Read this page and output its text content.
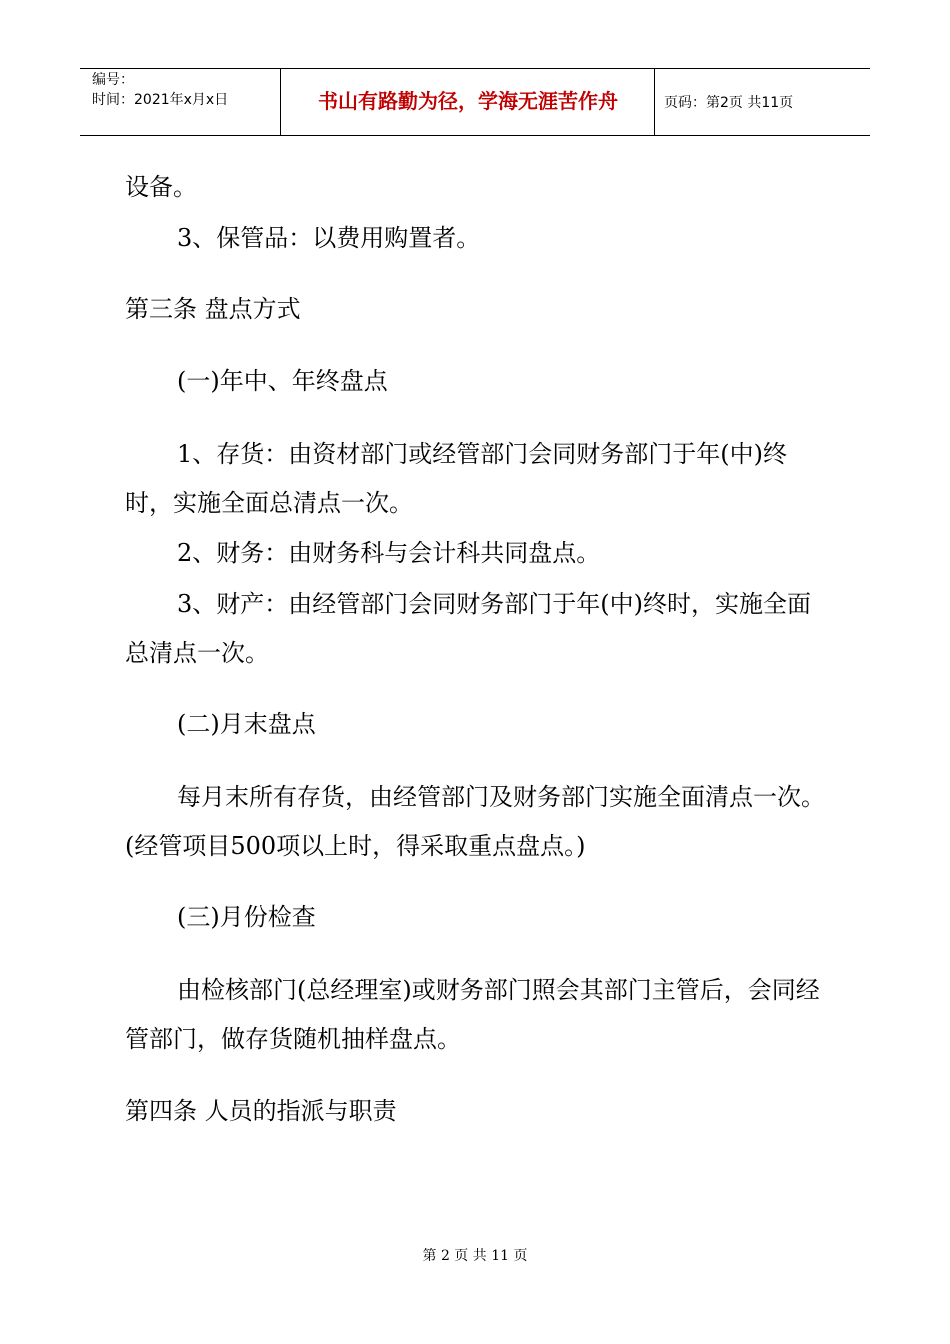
编号：
时间：2021年x月x日	书山有路勤为径，学海无涯苦作舟	页码：第2页 共11页
设备。
3、保管品：以费用购置者。
第三条 盘点方式
(一)年中、年终盘点
1、存货：由资材部门或经管部门会同财务部门于年(中)终时，实施全面总清点一次。
2、财务：由财务科与会计科共同盘点。
3、财产：由经管部门会同财务部门于年(中)终时，实施全面总清点一次。
(二)月末盘点
每月末所有存货，由经管部门及财务部门实施全面清点一次。(经管项目500项以上时，得采取重点盘点。)
(三)月份检查
由检核部门(总经理室)或财务部门照会其部门主管后，会同经管部门，做存货随机抽样盘点。
第四条 人员的指派与职责
第 2 页 共 11 页
